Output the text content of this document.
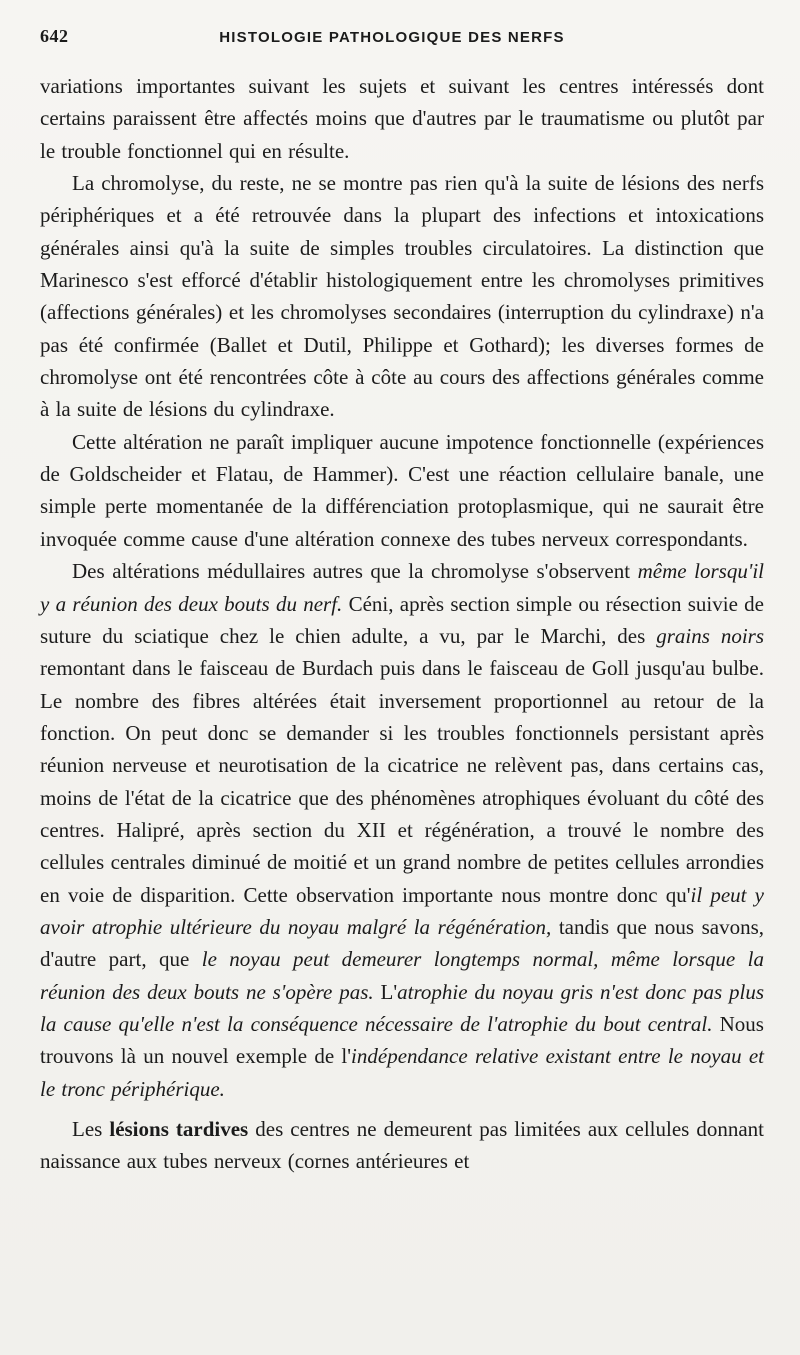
642	HISTOLOGIE PATHOLOGIQUE DES NERFS

variations importantes suivant les sujets et suivant les centres intéressés dont certains paraissent être affectés moins que d'autres par le traumatisme ou plutôt par le trouble fonctionnel qui en résulte.

La chromolyse, du reste, ne se montre pas rien qu'à la suite de lésions des nerfs périphériques et a été retrouvée dans la plupart des infections et intoxications générales ainsi qu'à la suite de simples troubles circulatoires. La distinction que Marinesco s'est efforcé d'établir histologiquement entre les chromolyses primitives (affections générales) et les chromolyses secondaires (interruption du cylindraxe) n'a pas été confirmée (Ballet et Dutil, Philippe et Gothard); les diverses formes de chromolyse ont été rencontrées côte à côte au cours des affections générales comme à la suite de lésions du cylindraxe.

Cette altération ne paraît impliquer aucune impotence fonctionnelle (expériences de Goldscheider et Flatau, de Hammer). C'est une réaction cellulaire banale, une simple perte momentanée de la différenciation protoplasmique, qui ne saurait être invoquée comme cause d'une altération connexe des tubes nerveux correspondants.

Des altérations médullaires autres que la chromolyse s'observent même lorsqu'il y a réunion des deux bouts du nerf. Céni, après section simple ou résection suivie de suture du sciatique chez le chien adulte, a vu, par le Marchi, des grains noirs remontant dans le faisceau de Burdach puis dans le faisceau de Goll jusqu'au bulbe. Le nombre des fibres altérées était inversement proportionnel au retour de la fonction. On peut donc se demander si les troubles fonctionnels persistant après réunion nerveuse et neurotisation de la cicatrice ne relèvent pas, dans certains cas, moins de l'état de la cicatrice que des phénomènes atrophiques évoluant du côté des centres. Halipré, après section du XII et régénération, a trouvé le nombre des cellules centrales diminué de moitié et un grand nombre de petites cellules arrondies en voie de disparition. Cette observation importante nous montre donc qu'il peut y avoir atrophie ultérieure du noyau malgré la régénération, tandis que nous savons, d'autre part, que le noyau peut demeurer longtemps normal, même lorsque la réunion des deux bouts ne s'opère pas. L'atrophie du noyau gris n'est donc pas plus la cause qu'elle n'est la conséquence nécessaire de l'atrophie du bout central. Nous trouvons là un nouvel exemple de l'indépendance relative existant entre le noyau et le tronc périphérique.

Les lésions tardives des centres ne demeurent pas limitées aux cellules donnant naissance aux tubes nerveux (cornes antérieures et
